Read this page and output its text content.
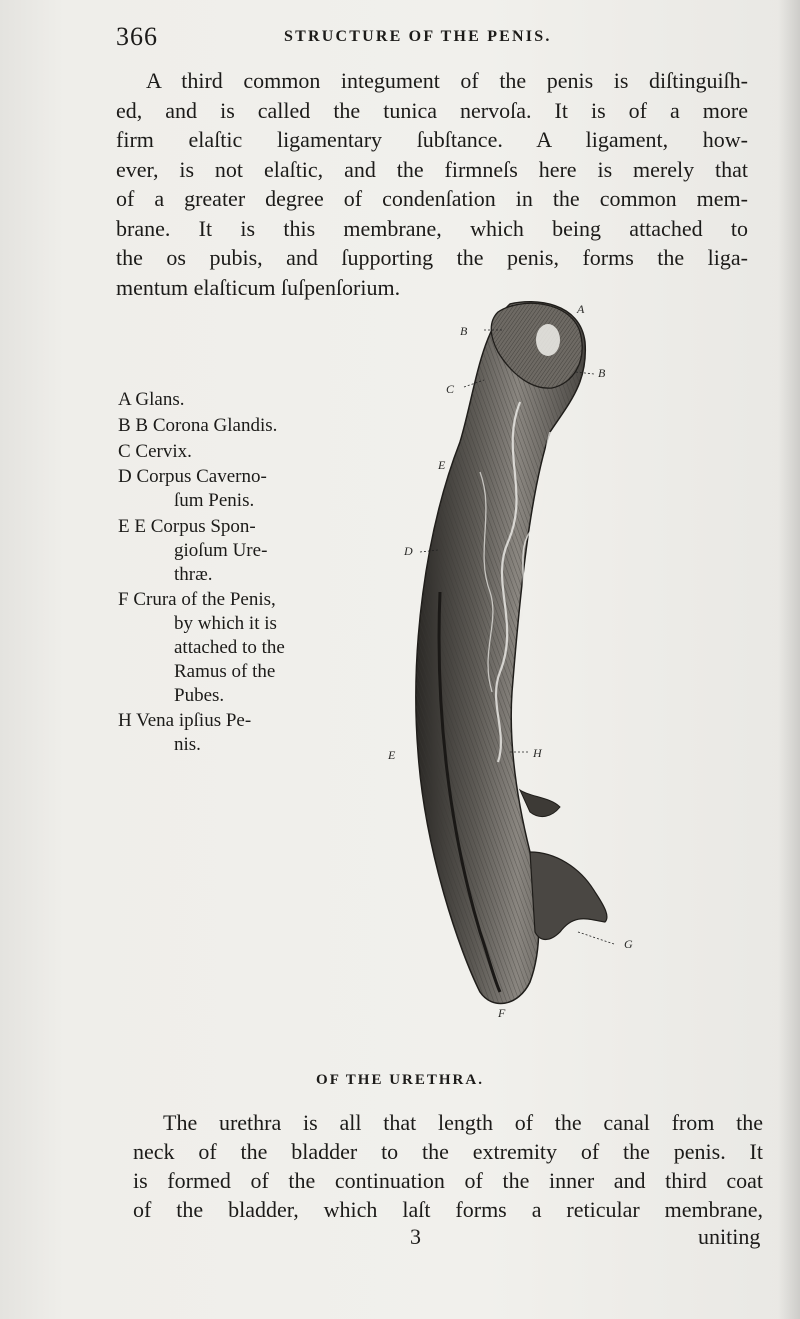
366	STRUCTURE OF THE PENIS.

A third common integument of the penis is diſtinguiſh-
ed, and is called the tunica nervoſa. It is of a more
firm elaſtic ligamentary ſubſtance. A ligament, how-
ever, is not elaſtic, and the firmneſs here is merely that
of a greater degree of condenſation in the common mem-
brane. It is this membrane, which being attached to
the os pubis, and ſupporting the penis, forms the liga-
mentum elaſticum ſuſpenſorium.

A Glans.
B B Corona Glandis.
C Cervix.
D Corpus Caverno-
ſum Penis.
E E Corpus Spon-
gioſum Ure-
thræ.
F Crura of the Penis,
by which it is
attached to the
Ramus of the
Pubes.
H Vena ipſius Pe-
nis.
A
B
B
C
E
D
E	H
G
F
OF THE URETHRA.
The urethra is all that length of the canal from the
neck of the bladder to the extremity of the penis. It
is formed of the continuation of the inner and third coat
of the bladder, which laſt forms a reticular membrane,
3	uniting
